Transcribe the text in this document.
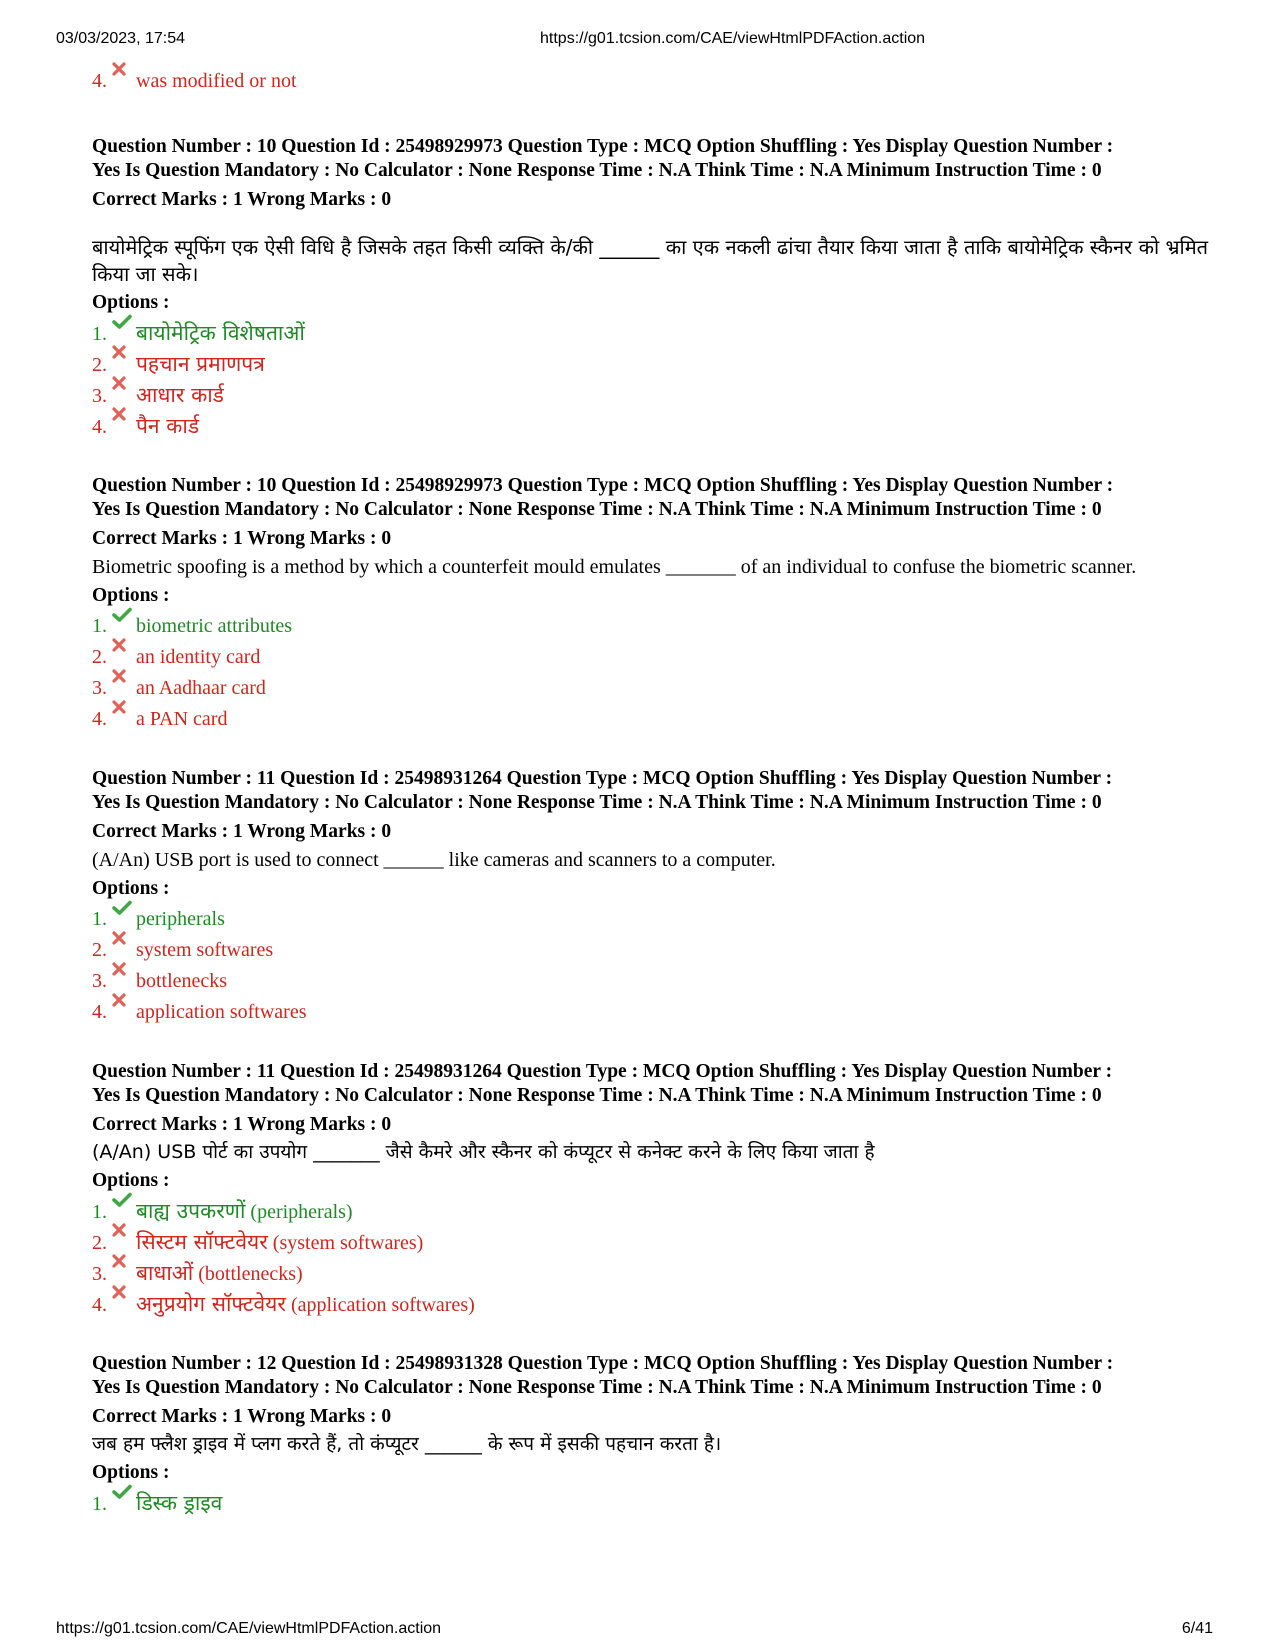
03/03/2023, 17:54	https://g01.tcsion.com/CAE/viewHtmlPDFAction.action
4. was modified or not
Question Number : 10 Question Id : 25498929973 Question Type : MCQ Option Shuffling : Yes Display Question Number :
Yes Is Question Mandatory : No Calculator : None Response Time : N.A Think Time : N.A Minimum Instruction Time : 0
Correct Marks : 1 Wrong Marks : 0
बायोमेट्रिक स्पूफिंग एक ऐसी विधि है जिसके तहत किसी व्यक्ति के/की ______ का एक नकली ढांचा तैयार किया जाता है ताकि बायोमेट्रिक स्कैनर को भ्रमित किया जा सके।
Options :
1. बायोमेट्रिक विशेषताओं
2. पहचान प्रमाणपत्र
3. आधार कार्ड
4. पैन कार्ड
Question Number : 10 Question Id : 25498929973 Question Type : MCQ Option Shuffling : Yes Display Question Number :
Yes Is Question Mandatory : No Calculator : None Response Time : N.A Think Time : N.A Minimum Instruction Time : 0
Correct Marks : 1 Wrong Marks : 0
Biometric spoofing is a method by which a counterfeit mould emulates _______ of an individual to confuse the biometric scanner.
Options :
1. biometric attributes
2. an identity card
3. an Aadhaar card
4. a PAN card
Question Number : 11 Question Id : 25498931264 Question Type : MCQ Option Shuffling : Yes Display Question Number :
Yes Is Question Mandatory : No Calculator : None Response Time : N.A Think Time : N.A Minimum Instruction Time : 0
Correct Marks : 1 Wrong Marks : 0
(A/An) USB port is used to connect ______ like cameras and scanners to a computer.
Options :
1. peripherals
2. system softwares
3. bottlenecks
4. application softwares
Question Number : 11 Question Id : 25498931264 Question Type : MCQ Option Shuffling : Yes Display Question Number :
Yes Is Question Mandatory : No Calculator : None Response Time : N.A Think Time : N.A Minimum Instruction Time : 0
Correct Marks : 1 Wrong Marks : 0
(A/An) USB पोर्ट का उपयोग _______ जैसे कैमरे और स्कैनर को कंप्यूटर से कनेक्ट करने के लिए किया जाता है
Options :
1. बाह्य उपकरणों (peripherals)
2. सिस्टम सॉफ्टवेयर (system softwares)
3. बाधाओं (bottlenecks)
4. अनुप्रयोग सॉफ्टवेयर (application softwares)
Question Number : 12 Question Id : 25498931328 Question Type : MCQ Option Shuffling : Yes Display Question Number :
Yes Is Question Mandatory : No Calculator : None Response Time : N.A Think Time : N.A Minimum Instruction Time : 0
Correct Marks : 1 Wrong Marks : 0
जब हम फ्लैश ड्राइव में प्लग करते हैं, तो कंप्यूटर ______ के रूप में इसकी पहचान करता है।
Options :
1. डिस्क ड्राइव
https://g01.tcsion.com/CAE/viewHtmlPDFAction.action	6/41
